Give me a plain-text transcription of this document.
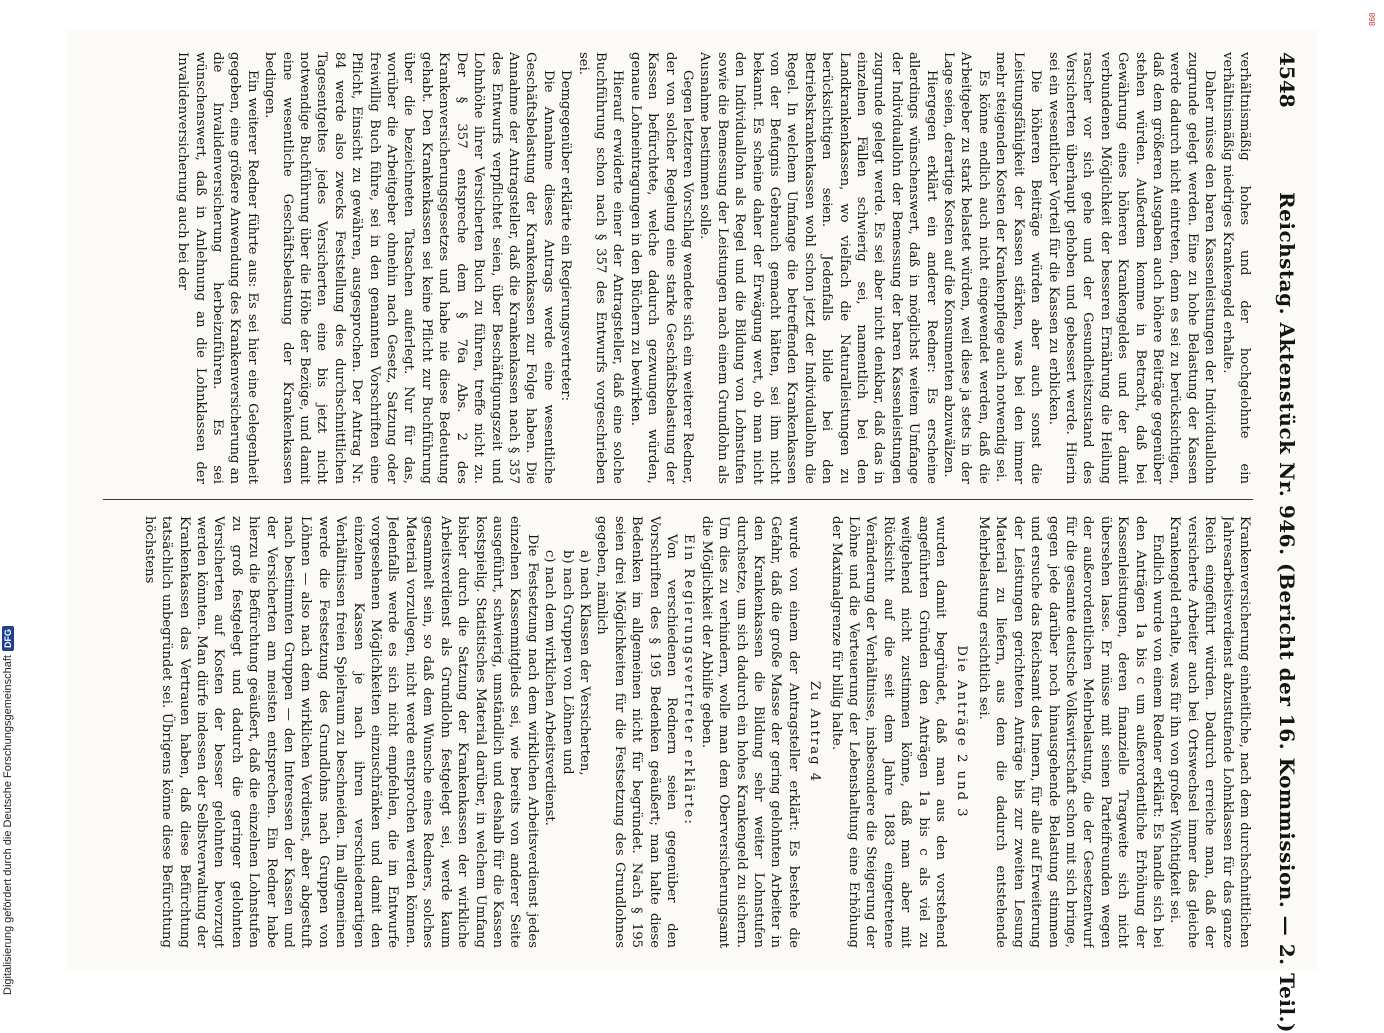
4548
Reichstag. Aktenstück Nr. 946. (Bericht der 16. Kommission. — 2. Teil.)

verhältnismäßig hohes und der hochgelohnte ein verhältnismäßig niedriges Krankengeld erhalte.

Daher müsse den baren Kassenleistungen der Individuallohn zugrunde gelegt werden. Eine zu hohe Belastung der Kassen werde dadurch nicht eintreten, denn es sei zu berücksichtigen, daß dem größeren Ausgaben auch höhere Beiträge gegenüber stehen würden. Außerdem komme in Betracht, daß bei Gewährung eines höheren Krankengeldes und der damit verbundenen Möglichkeit der besseren Ernährung die Heilung rascher vor sich gehe und der Gesundheitszustand des Versicherten überhaupt gehoben und gebessert werde. Hierin sei ein wesentlicher Vorteil für die Kassen zu erblicken.

Die höheren Beiträge würden aber auch sonst die Leistungsfähigkeit der Kassen stärken, was bei den immer mehr steigenden Kosten der Krankenpflege auch notwendig sei.

Es könne endlich auch nicht eingewendet werden, daß die Arbeitgeber zu stark belastet würden, weil diese ja stets in der Lage seien, derartige Kosten auf die Konsumenten abzuwälzen.

Hiergegen erklärt ein anderer Redner: Es erscheine allerdings wünschenswert, daß in möglichst weitem Umfange der Individuallohn der Bemessung der baren Kassenleistungen zugrunde gelegt werde. Es sei aber nicht denkbar, daß das in einzelnen Fällen schwierig sei, namentlich bei den Landkrankenkassen, wo vielfach die Naturalleistungen zu berücksichtigen seien. Jedenfalls bilde bei den Betriebskrankenkassen wohl schon jetzt der Individuallohn die Regel. In welchem Umfange die betreffenden Krankenkassen von der Befugnis Gebrauch gemacht hätten, sei ihm nicht bekannt. Es scheine daher der Erwägung wert, ob man nicht den Individuallohn als Regel und die Bildung von Lohnstufen sowie die Bemessung der Leistungen nach einem Grundlohn als Ausnahme bestimmen solle.

Gegen letzteren Vorschlag wendete sich ein weiterer Redner, der von solcher Regelung eine starke Geschäftsbelastung der Kassen befürchtete, welche dadurch gezwungen würden, genaue Lohneintragungen in den Büchern zu bewirken.

Hierauf erwiderte einer der Antragsteller, daß eine solche Buchführung schon nach § 357 des Entwurfs vorgeschrieben sei.

Demgegenüber erklärte ein Regierungsvertreter:

Die Annahme dieses Antrags werde eine wesentliche Geschäftsbelastung der Krankenkassen zur Folge haben. Die Annahme der Antragsteller, daß die Krankenkassen nach § 357 des Entwurfs verpflichtet seien, über Beschäftigungszeit und Lohnhöhe ihrer Versicherten Buch zu führen, treffe nicht zu. Der § 357 entspreche dem § 76a Abs. 2 des Krankenversicherungsgesetzes und habe nie diese Bedeutung gehabt. Den Krankenkassen sei keine Pflicht zur Buchführung über die bezeichneten Tatsachen auferlegt. Nur für das, worüber die Arbeitgeber ohnehin nach Gesetz, Satzung oder freiwillig Buch führe, sei in den genannten Vorschriften eine Pflicht, Einsicht zu gewähren, ausgesprochen. Der Antrag Nr. 84 werde also zwecks Feststellung des durchschnittlichen Tagesentgeltes jedes Versicherten eine bis jetzt nicht notwendige Buchführung über die Höhe der Bezüge, und damit eine wesentliche Geschäftsbelastung der Krankenkassen bedingen.

Ein weiterer Redner führte aus: Es sei hier eine Gelegenheit gegeben, eine größere Anwendung des Krankenversicherung an die Invalidenversicherung herbeizuführen. Es sei wünschenswert, daß in Anlehnung an die Lohnklassen der Invalidenversicherung auch bei der

Krankenversicherung einheitliche, nach dem durchschnittlichen Jahresarbeitsverdienst abzustufende Lohnklassen für das ganze Reich eingeführt würden. Dadurch erreiche man, daß der versicherte Arbeiter auch bei Ortswechsel immer das gleiche Krankengeld erhalte, was für ihn von großer Wichtigkeit sei.

Endlich wurde von einem Redner erklärt: Es handle sich bei den Anträgen 1a bis c um außerordentliche Erhöhung der Kassenleistungen, deren finanzielle Tragweite sich nicht übersehen lasse. Er müsse mit seinen Parteifreunden wegen der außerordentlichen Mehrbelastung, die der Gesetzentwurf für die gesamte deutsche Volkswirtschaft schon mit sich bringe, gegen jede darüber noch hinausgehende Belastung stimmen und ersuche das Reichsamt des Innern, für alle auf Erweiterung der Leistungen gerichteten Anträge bis zur zweiten Lesung Material zu liefern, aus dem die dadurch entstehende Mehrbelastung ersichtlich sei.

Die Anträge 2 und 3

wurden damit begründet, daß man aus den vorstehend angeführten Gründen den Anträgen 1a bis c als viel zu weitgehend nicht zustimmen könne, daß man aber mit Rücksicht auf die seit dem Jahre 1883 eingetretene Veränderung der Verhältnisse, insbesondere die Steigerung der Löhne und die Verteuerung der Lebenshaltung eine Erhöhung der Maximalgrenze für billig halte.

Zu Antrag 4

wurde von einem der Antragsteller erklärt: Es bestehe die Gefahr, daß die große Masse der gering gelohnten Arbeiter in den Krankenkassen die Bildung sehr weiter Lohnstufen durchsetze, um sich dadurch ein hohes Krankengeld zu sichern. Um dies zu verhindern, wolle man dem Oberversicherungsamt die Möglichkeit der Abhilfe geben.

Ein Regierungsvertreter erklärte:

Von verschiedenen Rednern seien gegenüber den Vorschriften des § 195 Bedenken geäußert; man halte diese Bedenken im allgemeinen nicht für begründet. Nach § 195 seien drei Möglichkeiten für die Festsetzung des Grundlohnes gegeben, nämlich

a) nach Klassen der Versicherten,

b) nach Gruppen von Löhnen und

c) nach dem wirklichen Arbeitsverdienst.

Die Festsetzung nach dem wirklichen Arbeitsverdienst jedes einzelnen Kassenmitglieds sei, wie bereits von anderer Seite ausgeführt, schwierig, umständlich und deshalb für die Kassen kostspielig. Statistisches Material darüber, in welchem Umfang bisher durch die Satzung der Krankenkassen der wirkliche Arbeitsverdienst als Grundlohn festgelegt sei, werde kaum gesammelt sein, so daß dem Wunsche eines Redners, solches Material vorzulegen, nicht werde entsprochen werden können. Jedenfalls werde es sich nicht empfehlen, die im Entwurfe vorgesehenen Möglichkeiten einzuschränken und damit den einzelnen Kassen je nach ihren verschiedenartigen Verhältnissen freien Spielraum zu beschneiden. Im allgemeinen werde die Festsetzung des Grundlohns nach Gruppen von Löhnen — also nach dem wirklichen Verdienst, aber abgestuft nach bestimmten Gruppen — den Interessen der Kassen und der Versicherten am meisten entsprechen. Ein Redner habe hierzu die Befürchtung geäußert, daß die einzelnen Lohnstufen zu groß festgelegt und dadurch die geringer gelohnten Versicherten auf Kosten der besser gelohnten bevorzugt werden könnten. Man dürfe indessen der Selbstverwaltung der Krankenkassen das Vertrauen haben, daß diese Befürchtung tatsächlich unbegründet sei. Übrigens könne diese Befürchtung höchstens

Digitalisierung gefördert durch die Deutsche ForschungsgemeinschaftDFG
868
